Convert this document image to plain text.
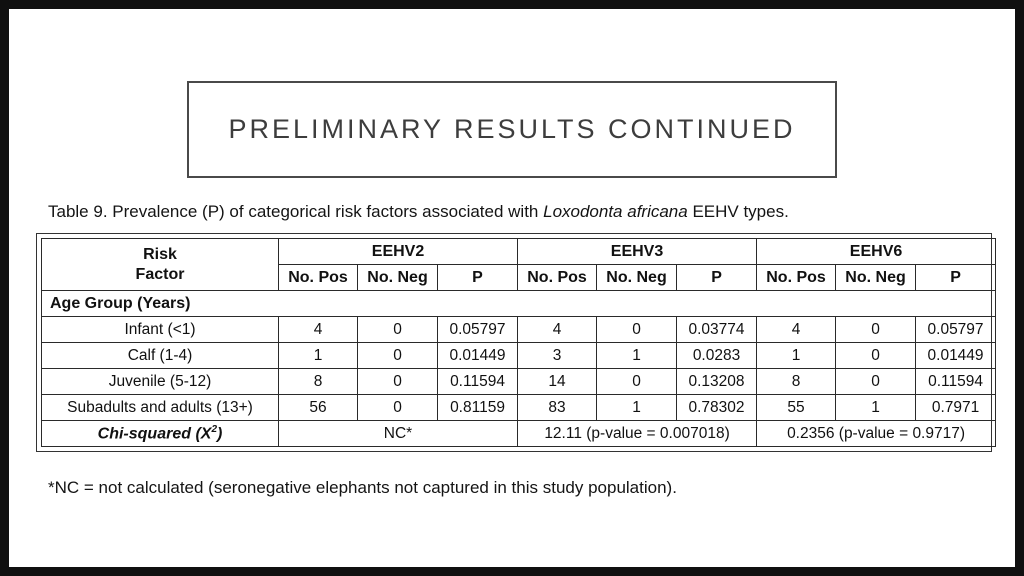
PRELIMINARY RESULTS CONTINUED

Table 9. Prevalence (P) of categorical risk factors associated with Loxodonta africana EEHV types.

Risk
Factor	EEHV2			EEHV3			EEHV6		
	No. Pos	No. Neg	P	No. Pos	No. Neg	P	No. Pos	No. Neg	P
Age Group (Years)									
Infant (<1)	4	0	0.05797	4	0	0.03774	4	0	0.05797
Calf (1-4)	1	0	0.01449	3	1	0.0283	1	0	0.01449
Juvenile (5-12)	8	0	0.11594	14	0	0.13208	8	0	0.11594
Subadults and adults (13+)	56	0	0.81159	83	1	0.78302	55	1	0.7971
Chi-squared $(X^2)$	NC*			12.11 (p-value = 0.007018)			0.2356 (p-value = 0.9717)		

*NC = not calculated (seronegative elephants not captured in this study population).
